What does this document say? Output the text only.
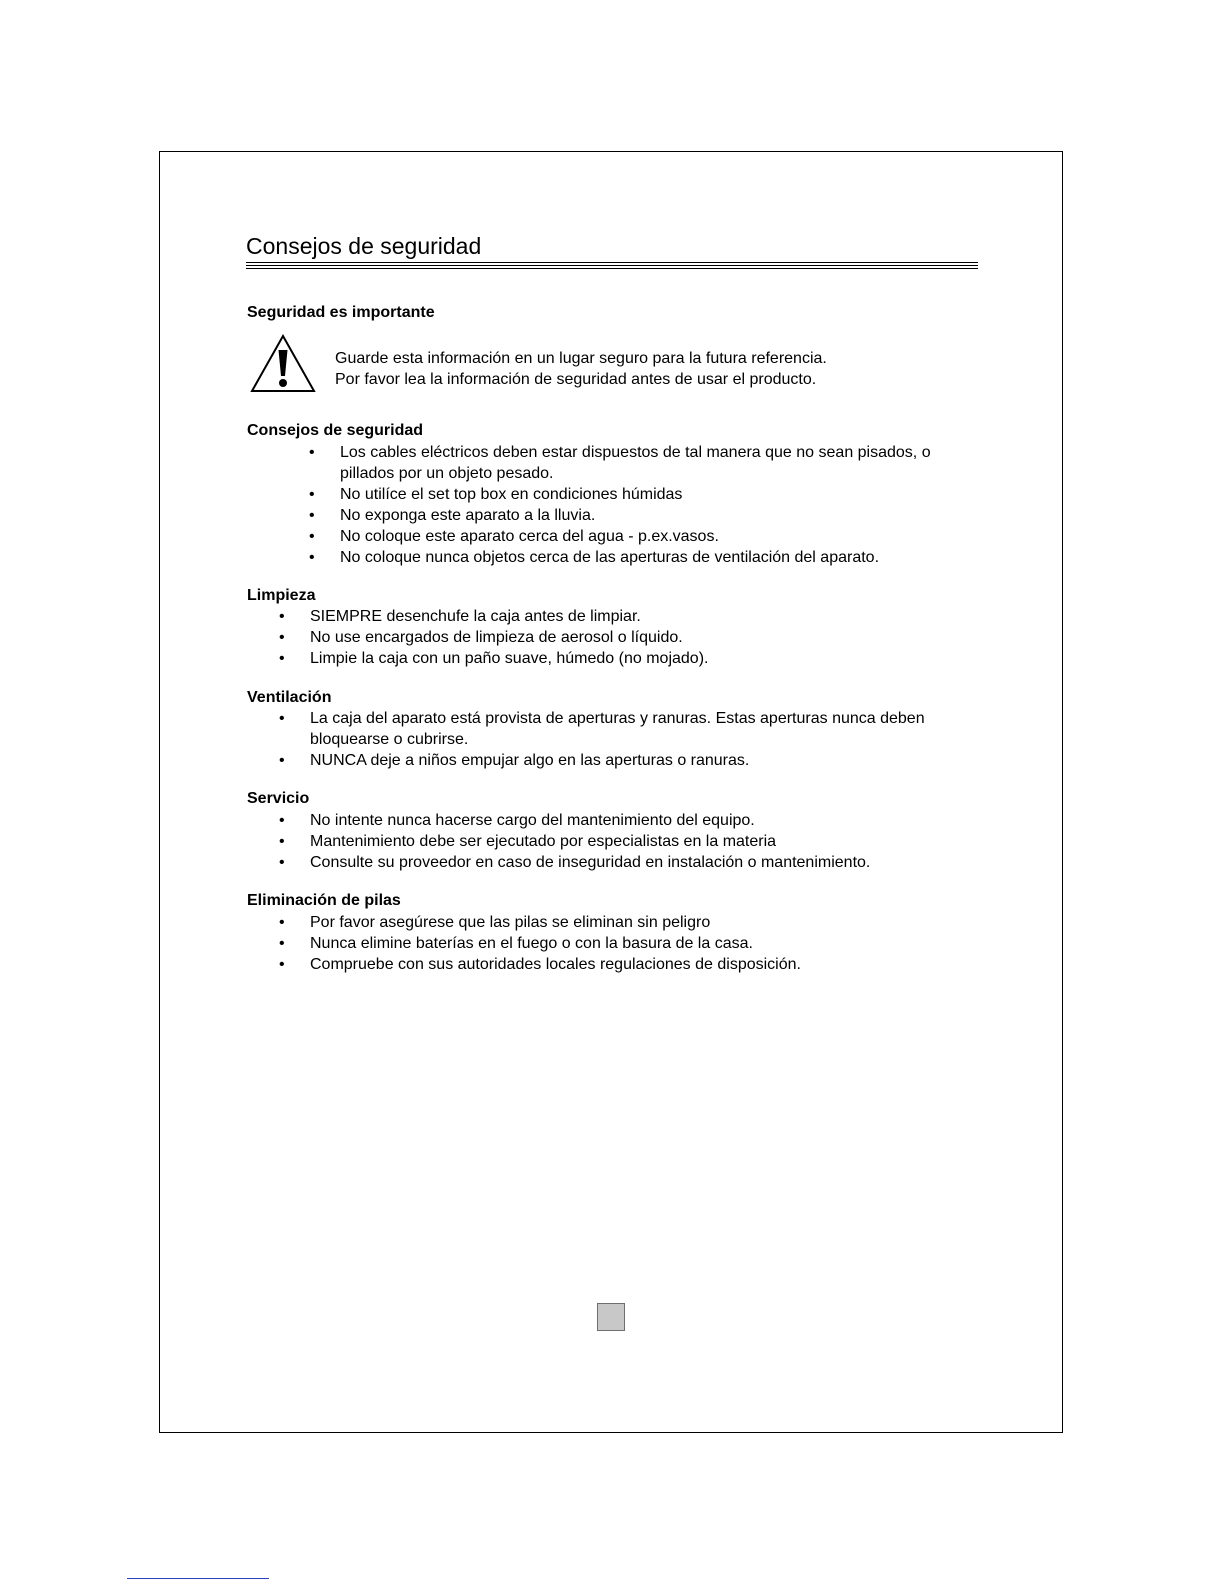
Consejos de seguridad
Seguridad es importante
Guarde esta información en un lugar seguro para la futura referencia.
Por favor lea la información de seguridad antes de usar el producto.
Consejos de seguridad
• Los cables eléctricos deben estar dispuestos de tal manera que no sean pisados, o
pillados por un objeto pesado.
• No utilíce el set top box en condiciones húmidas
• No exponga este aparato a la lluvia.
• No coloque este aparato cerca del agua - p.ex.vasos.
• No coloque nunca objetos cerca de las aperturas de ventilación del aparato.
Limpieza
• SIEMPRE desenchufe la caja antes de limpiar.
• No use encargados de limpieza de aerosol o líquido.
• Limpie la caja con un paño suave, húmedo (no mojado).
Ventilación
• La caja del aparato está provista de aperturas y ranuras. Estas aperturas nunca deben
bloquearse o cubrirse.
• NUNCA deje a niños empujar algo en las aperturas o ranuras.
Servicio
• No intente nunca hacerse cargo del mantenimiento del equipo.
• Mantenimiento debe ser ejecutado por especialistas en la materia
• Consulte su proveedor en caso de inseguridad en instalación o mantenimiento.
Eliminación de pilas
• Por favor asegúrese que las pilas se eliminan sin peligro
• Nunca elimine baterías en el fuego o con la basura de la casa.
• Compruebe con sus autoridades locales regulaciones de disposición.
